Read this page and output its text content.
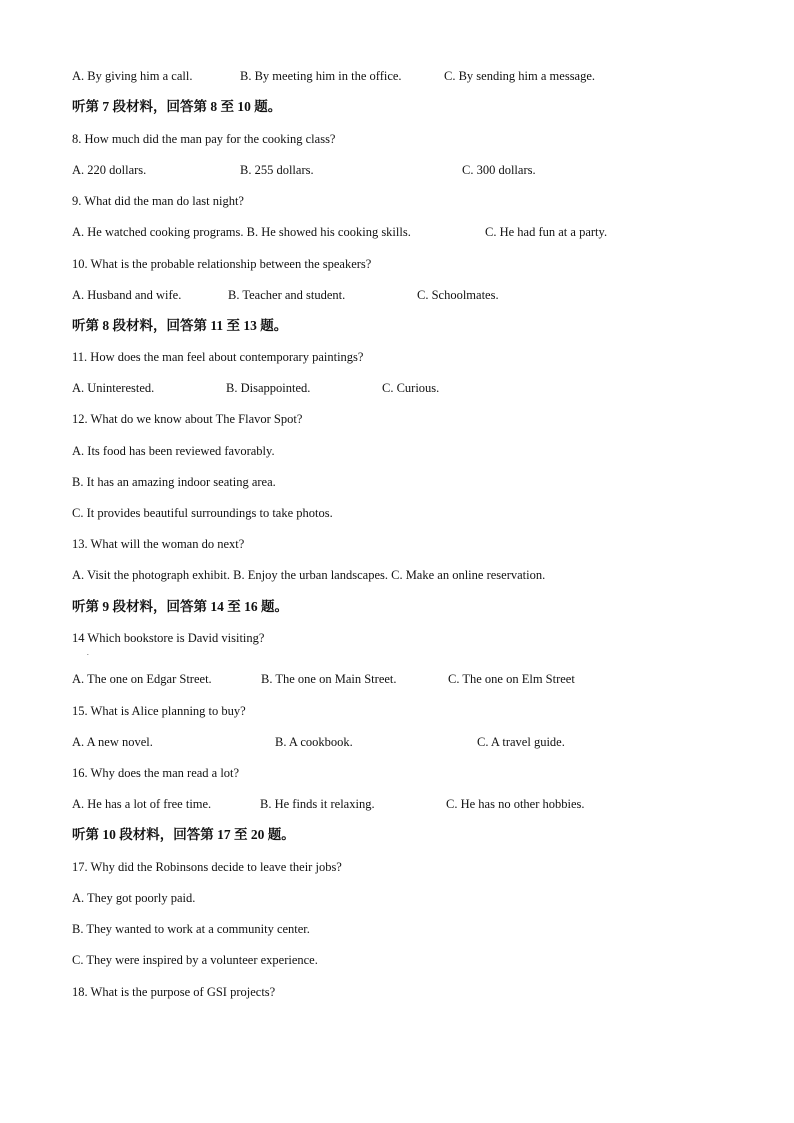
A. By giving him a call.	B. By meeting him in the office.	C. By sending him a message.
听第 7 段材料，回答第 8 至 10 题。
8. How much did the man pay for the cooking class?
A. 220 dollars.	B. 255 dollars.	C. 300 dollars.
9. What did the man do last night?
A. He watched cooking programs. B. He showed his cooking skills.	C. He had fun at a party.
10. What is the probable relationship between the speakers?
A. Husband and wife.	B. Teacher and student.	C. Schoolmates.
听第 8 段材料，回答第 11 至 13 题。
11. How does the man feel about contemporary paintings?
A. Uninterested.	B. Disappointed.	C. Curious.
12. What do we know about The Flavor Spot?
A. Its food has been reviewed favorably.
B. It has an amazing indoor seating area.
C. It provides beautiful surroundings to take photos.
13. What will the woman do next?
A. Visit the photograph exhibit. B. Enjoy the urban landscapes. C. Make an online reservation.
听第 9 段材料，回答第 14 至 16 题。
14 Which bookstore is David visiting?
.
A. The one on Edgar Street.	B. The one on Main Street.	C. The one on Elm Street
15. What is Alice planning to buy?
A. A new novel.	B. A cookbook.	C. A travel guide.
16. Why does the man read a lot?
A. He has a lot of free time.	B. He finds it relaxing.	C. He has no other hobbies.
听第 10 段材料，回答第 17 至 20 题。
17. Why did the Robinsons decide to leave their jobs?
A. They got poorly paid.
B. They wanted to work at a community center.
C. They were inspired by a volunteer experience.
18. What is the purpose of GSI projects?
